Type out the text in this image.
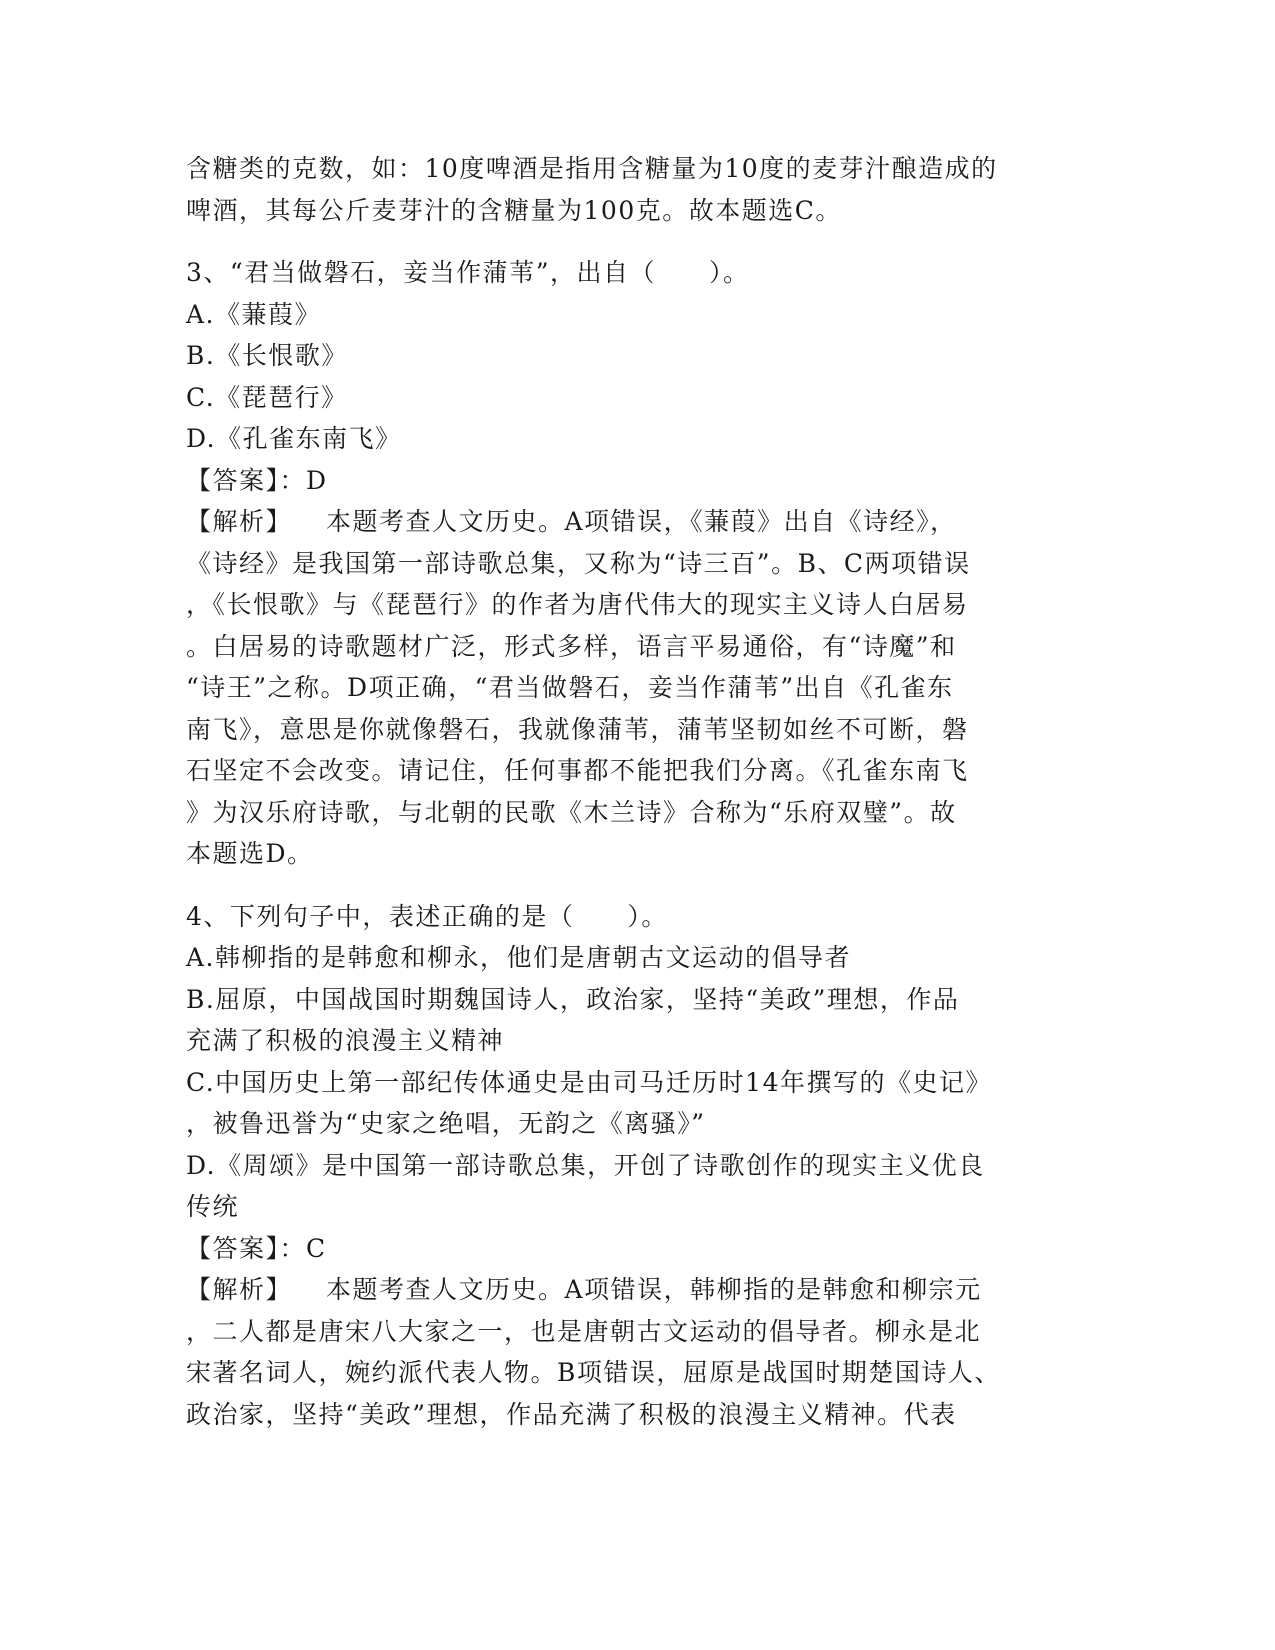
含糖类的克数，如：10度啤酒是指用含糖量为10度的麦芽汁酿造成的
啤酒，其每公斤麦芽汁的含糖量为100克。故本题选C。
3、“君当做磐石，妾当作蒲苇”，出自（　　）。
A.《蒹葭》
B.《长恨歌》
C.《琵琶行》
D.《孔雀东南飞》
【答案】：D
【解析】 本题考查人文历史。A项错误，《蒹葭》出自《诗经》，
《诗经》是我国第一部诗歌总集，又称为“诗三百”。B、C两项错误
，《长恨歌》与《琵琶行》的作者为唐代伟大的现实主义诗人白居易
。白居易的诗歌题材广泛，形式多样，语言平易通俗，有“诗魔”和
“诗王”之称。D项正确，“君当做磐石，妾当作蒲苇”出自《孔雀东
南飞》，意思是你就像磐石，我就像蒲苇，蒲苇坚韧如丝不可断，磐
石坚定不会改变。请记住，任何事都不能把我们分离。《孔雀东南飞
》为汉乐府诗歌，与北朝的民歌《木兰诗》合称为“乐府双璧”。故
本题选D。
4、下列句子中，表述正确的是（　　）。
A.韩柳指的是韩愈和柳永，他们是唐朝古文运动的倡导者
B.屈原，中国战国时期魏国诗人，政治家，坚持“美政”理想，作品
充满了积极的浪漫主义精神
C.中国历史上第一部纪传体通史是由司马迁历时14年撰写的《史记》
，被鲁迅誉为“史家之绝唱，无韵之《离骚》”
D.《周颂》是中国第一部诗歌总集，开创了诗歌创作的现实主义优良
传统
【答案】：C
【解析】 本题考查人文历史。A项错误，韩柳指的是韩愈和柳宗元
，二人都是唐宋八大家之一，也是唐朝古文运动的倡导者。柳永是北
宋著名词人，婉约派代表人物。B项错误，屈原是战国时期楚国诗人、
政治家，坚持“美政”理想，作品充满了积极的浪漫主义精神。代表
